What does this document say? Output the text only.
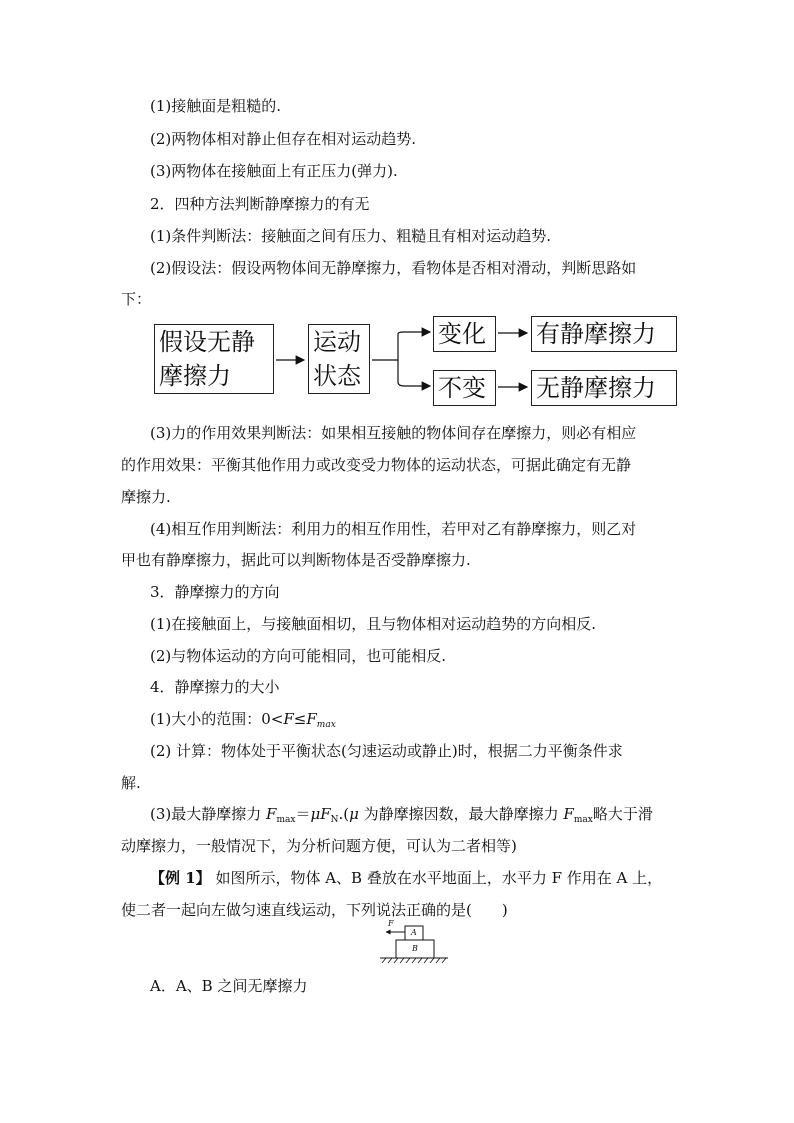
(1)接触面是粗糙的.
(2)两物体相对静止但存在相对运动趋势.
(3)两物体在接触面上有正压力(弹力).
2．四种方法判断静摩擦力的有无
(1)条件判断法：接触面之间有压力、粗糙且有相对运动趋势.
(2)假设法：假设两物体间无静摩擦力，看物体是否相对滑动，判断思路如
下：
假设无静
摩擦力
运动
状态
变化 有静摩擦力
不变 无静摩擦力
(3)力的作用效果判断法：如果相互接触的物体间存在摩擦力，则必有相应
的作用效果：平衡其他作用力或改变受力物体的运动状态，可据此确定有无静
摩擦力.
(4)相互作用判断法：利用力的相互作用性，若甲对乙有静摩擦力，则乙对
甲也有静摩擦力，据此可以判断物体是否受静摩擦力.
3．静摩擦力的方向
(1)在接触面上，与接触面相切，且与物体相对运动趋势的方向相反.
(2)与物体运动的方向可能相同，也可能相反.
4．静摩擦力的大小
(1)大小的范围：$0<F\le F_{max}$
(2) 计算：物体处于平衡状态(匀速运动或静止)时，根据二力平衡条件求
解.
(3)最大静摩擦力 $F_{max}=\mu F_N.(\mu$ 为静摩擦因数，最大静摩擦力 $F_{max}$略大于滑
动摩擦力，一般情况下，为分析问题方便，可认为二者相等)
【例 1】 如图所示，物体 A、B 叠放在水平地面上，水平力 F 作用在 A 上，
使二者一起向左做匀速直线运动，下列说法正确的是(　　)
F
A
B
A．A、B 之间无摩擦力
